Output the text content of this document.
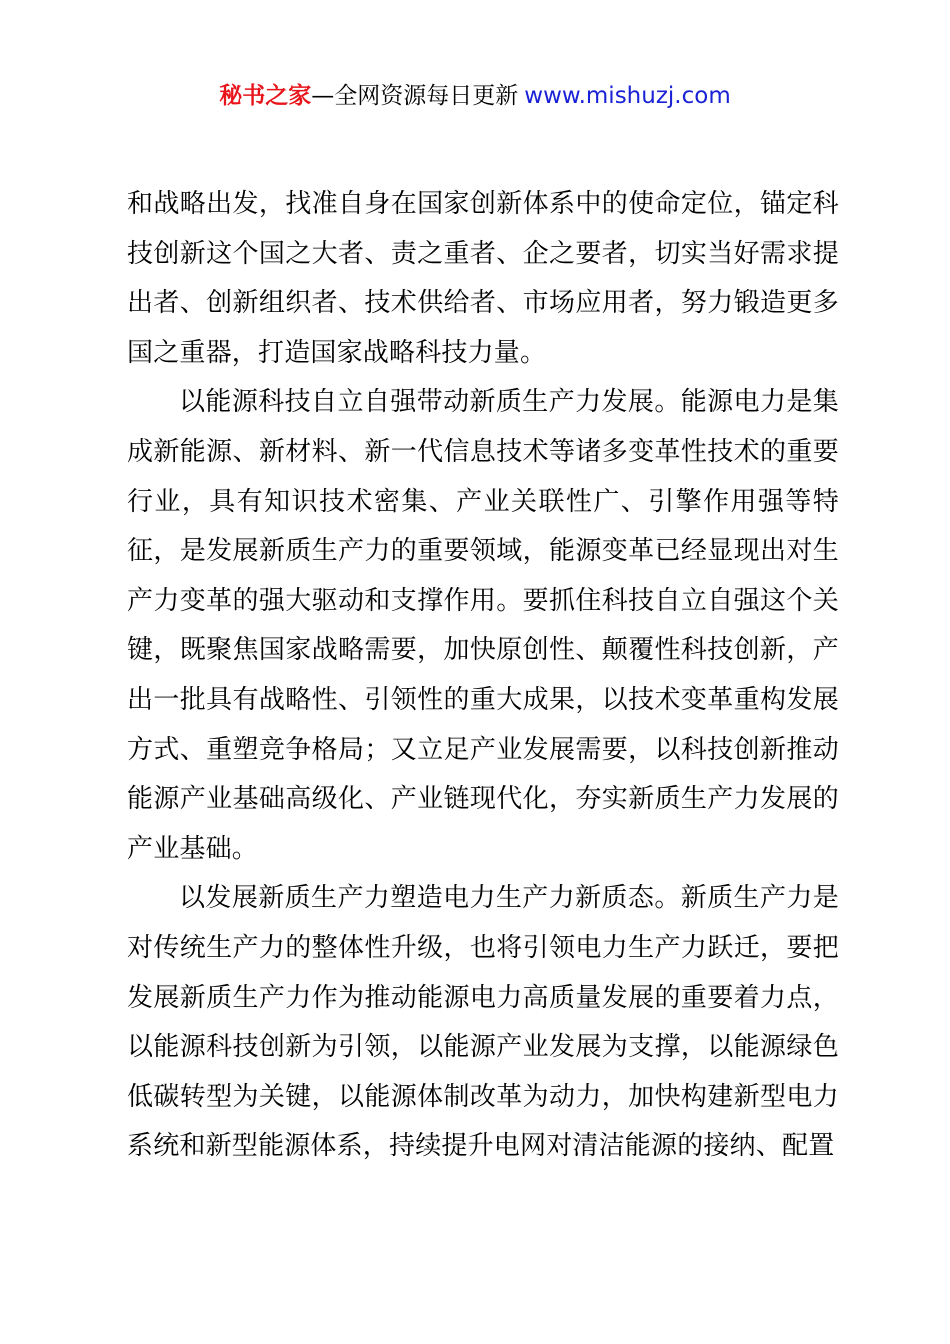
秘书之家—全网资源每日更新 www.mishuzj.com

和战略出发，找准自身在国家创新体系中的使命定位，锚定科技创新这个国之大者、责之重者、企之要者，切实当好需求提出者、创新组织者、技术供给者、市场应用者，努力锻造更多国之重器，打造国家战略科技力量。

以能源科技自立自强带动新质生产力发展。能源电力是集成新能源、新材料、新一代信息技术等诸多变革性技术的重要行业，具有知识技术密集、产业关联性广、引擎作用强等特征，是发展新质生产力的重要领域，能源变革已经显现出对生产力变革的强大驱动和支撑作用。要抓住科技自立自强这个关键，既聚焦国家战略需要，加快原创性、颠覆性科技创新，产出一批具有战略性、引领性的重大成果，以技术变革重构发展方式、重塑竞争格局；又立足产业发展需要，以科技创新推动能源产业基础高级化、产业链现代化，夯实新质生产力发展的产业基础。

以发展新质生产力塑造电力生产力新质态。新质生产力是对传统生产力的整体性升级，也将引领电力生产力跃迁，要把发展新质生产力作为推动能源电力高质量发展的重要着力点，以能源科技创新为引领，以能源产业发展为支撑，以能源绿色低碳转型为关键，以能源体制改革为动力，加快构建新型电力系统和新型能源体系，持续提升电网对清洁能源的接纳、配置
